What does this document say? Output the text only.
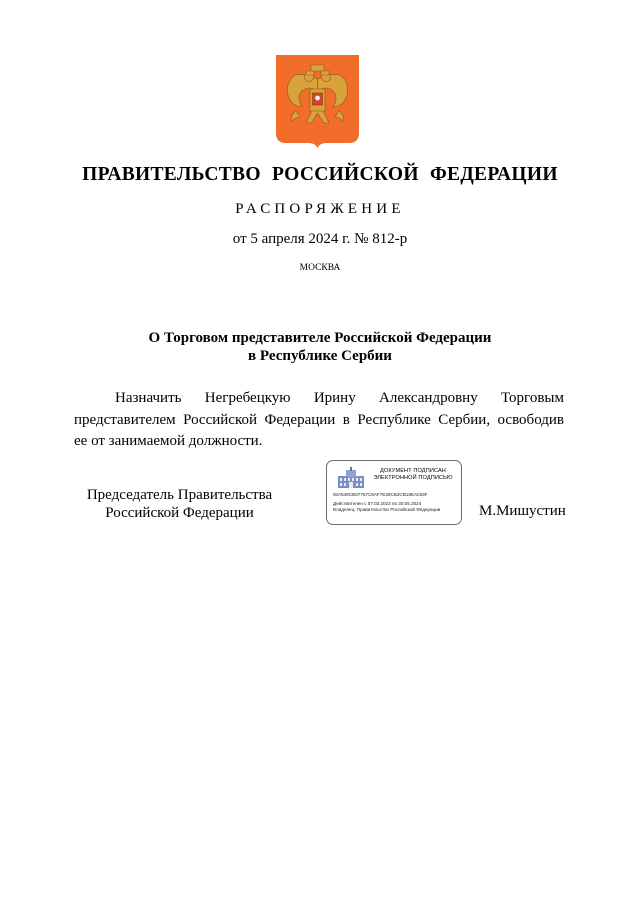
ПРАВИТЕЛЬСТВО РОССИЙСКОЙ ФЕДЕРАЦИИ
РАСПОРЯЖЕНИЕ
от 5 апреля 2024 г. № 812-р
МОСКВА
О Торговом представителе Российской Федерации
в Республике Сербии
Назначить Негребецкую Ирину Александровну Торговым
представителем Российской Федерации в Республике Сербии, освободив
ее от занимаемой должности.
Председатель Правительства
Российской Федерации
ДОКУМЕНТ ПОДПИСАН
ЭЛЕКТРОННОЙ ПОДПИСЬЮ
00A549CB07767C9AF7E29CB2CB18EA033F
Действителен с 07.03.2023 по 30.05.2024
Владелец: Правительство Российской Федерации	М.Мишустин
